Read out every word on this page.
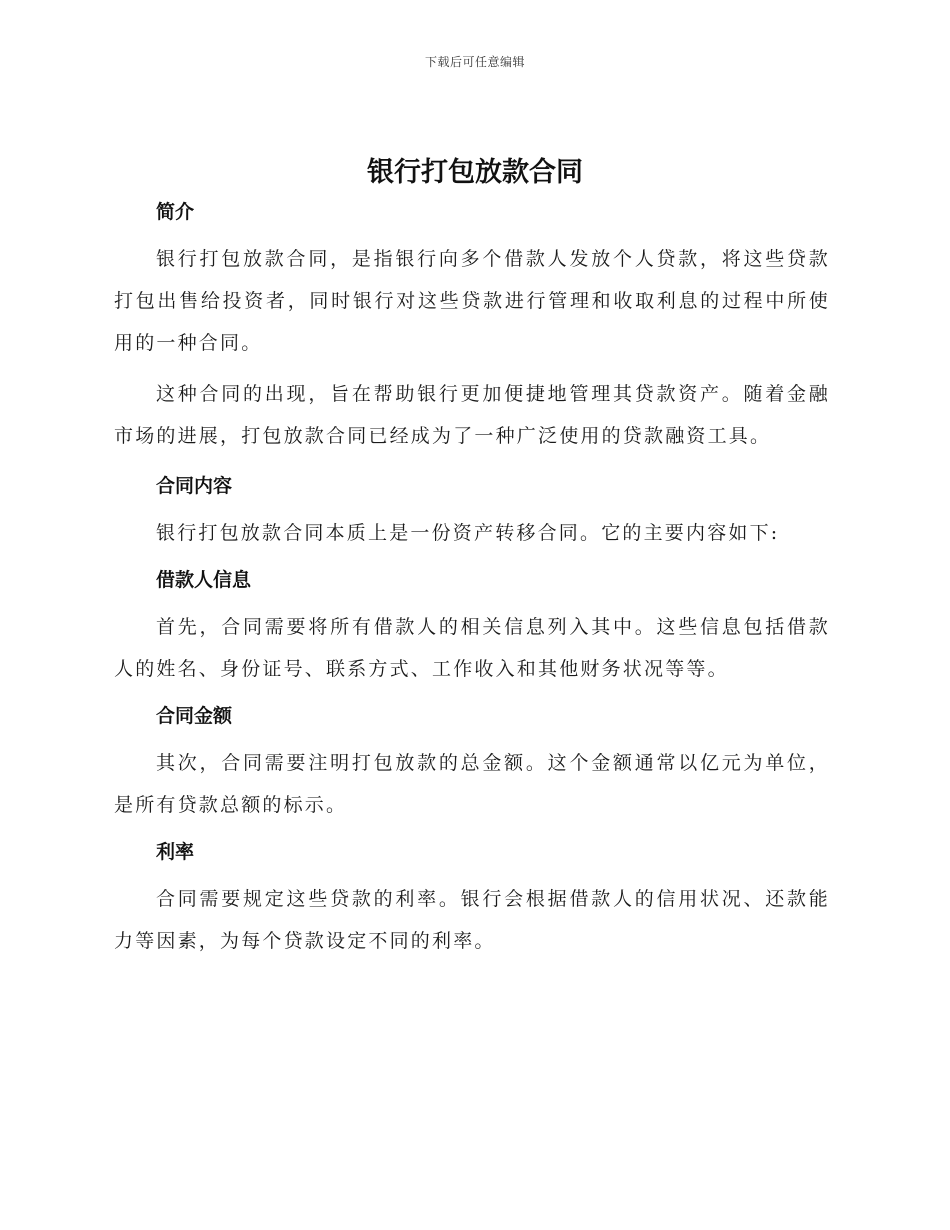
下载后可任意编辑
银行打包放款合同
简介

银行打包放款合同，是指银行向多个借款人发放个人贷款，将这些贷款打包出售给投资者，同时银行对这些贷款进行管理和收取利息的过程中所使用的一种合同。

这种合同的出现，旨在帮助银行更加便捷地管理其贷款资产。随着金融市场的进展，打包放款合同已经成为了一种广泛使用的贷款融资工具。

合同内容

银行打包放款合同本质上是一份资产转移合同。它的主要内容如下:

借款人信息

首先，合同需要将所有借款人的相关信息列入其中。这些信息包括借款人的姓名、身份证号、联系方式、工作收入和其他财务状况等等。

合同金额

其次，合同需要注明打包放款的总金额。这个金额通常以亿元为单位，是所有贷款总额的标示。

利率

合同需要规定这些贷款的利率。银行会根据借款人的信用状况、还款能力等因素，为每个贷款设定不同的利率。
